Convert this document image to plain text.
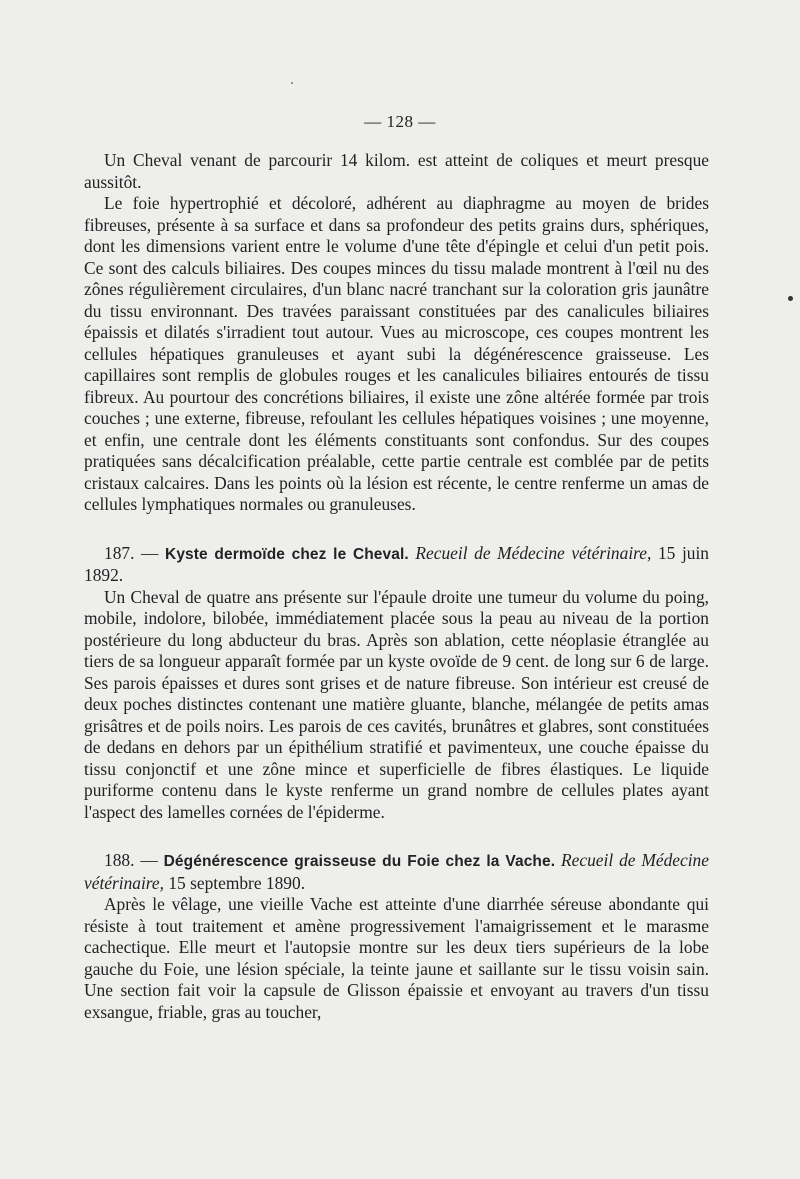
— 128 —

Un Cheval venant de parcourir 14 kilom. est atteint de coliques et meurt presque aussitôt.

Le foie hypertrophié et décoloré, adhérent au diaphragme au moyen de brides fibreuses, présente à sa surface et dans sa profondeur des petits grains durs, sphériques, dont les dimensions varient entre le volume d'une tête d'épingle et celui d'un petit pois. Ce sont des calculs biliaires. Des coupes minces du tissu malade montrent à l'œil nu des zônes régulièrement circulaires, d'un blanc nacré tranchant sur la coloration gris jaunâtre du tissu environnant. Des travées paraissant constituées par des canalicules biliaires épaissis et dilatés s'irradient tout autour. Vues au microscope, ces coupes montrent les cellules hépatiques granuleuses et ayant subi la dégénérescence graisseuse. Les capillaires sont remplis de globules rouges et les canalicules biliaires entourés de tissu fibreux. Au pourtour des concrétions biliaires, il existe une zône altérée formée par trois couches ; une externe, fibreuse, refoulant les cellules hépatiques voisines ; une moyenne, et enfin, une centrale dont les éléments constituants sont confondus. Sur des coupes pratiquées sans décalcification préalable, cette partie centrale est comblée par de petits cristaux calcaires. Dans les points où la lésion est récente, le centre renferme un amas de cellules lymphatiques normales ou granuleuses.

187. — Kyste dermoïde chez le Cheval. Recueil de Médecine vétérinaire, 15 juin 1892.

Un Cheval de quatre ans présente sur l'épaule droite une tumeur du volume du poing, mobile, indolore, bilobée, immédiatement placée sous la peau au niveau de la portion postérieure du long abducteur du bras. Après son ablation, cette néoplasie étranglée au tiers de sa longueur apparaît formée par un kyste ovoïde de 9 cent. de long sur 6 de large. Ses parois épaisses et dures sont grises et de nature fibreuse. Son intérieur est creusé de deux poches distinctes contenant une matière gluante, blanche, mélangée de petits amas grisâtres et de poils noirs. Les parois de ces cavités, brunâtres et glabres, sont constituées de dedans en dehors par un épithélium stratifié et pavimenteux, une couche épaisse du tissu conjonctif et une zône mince et superficielle de fibres élastiques. Le liquide puriforme contenu dans le kyste renferme un grand nombre de cellules plates ayant l'aspect des lamelles cornées de l'épiderme.

188. — Dégénérescence graisseuse du Foie chez la Vache. Recueil de Médecine vétérinaire, 15 septembre 1890.

Après le vêlage, une vieille Vache est atteinte d'une diarrhée séreuse abondante qui résiste à tout traitement et amène progressivement l'amaigrissement et le marasme cachectique. Elle meurt et l'autopsie montre sur les deux tiers supérieurs de la lobe gauche du Foie, une lésion spéciale, la teinte jaune et saillante sur le tissu voisin sain. Une section fait voir la capsule de Glisson épaissie et envoyant au travers d'un tissu exsangue, friable, gras au toucher,
